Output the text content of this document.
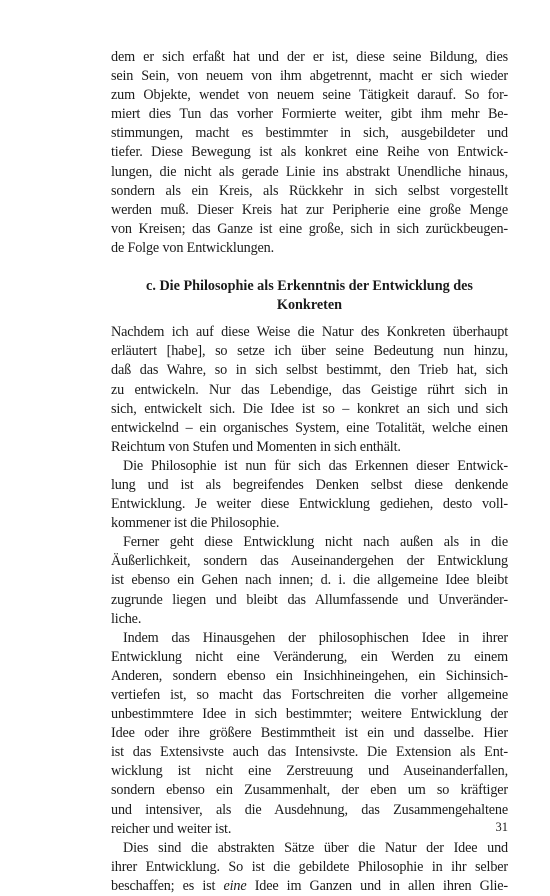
dem er sich erfaßt hat und der er ist, diese seine Bildung, dies
sein Sein, von neuem von ihm abgetrennt, macht er sich wieder
zum Objekte, wendet von neuem seine Tätigkeit darauf. So for-
miert dies Tun das vorher Formierte weiter, gibt ihm mehr Be-
stimmungen, macht es bestimmter in sich, ausgebildeter und
tiefer. Diese Bewegung ist als konkret eine Reihe von Entwick-
lungen, die nicht als gerade Linie ins abstrakt Unendliche hinaus,
sondern als ein Kreis, als Rückkehr in sich selbst vorgestellt
werden muß. Dieser Kreis hat zur Peripherie eine große Menge
von Kreisen; das Ganze ist eine große, sich in sich zurückbeugen-
de Folge von Entwicklungen.
c. Die Philosophie als Erkenntnis der Entwicklung des
Konkreten
Nachdem ich auf diese Weise die Natur des Konkreten überhaupt
erläutert [habe], so setze ich über seine Bedeutung nun hinzu,
daß das Wahre, so in sich selbst bestimmt, den Trieb hat, sich
zu entwickeln. Nur das Lebendige, das Geistige rührt sich in
sich, entwickelt sich. Die Idee ist so – konkret an sich und sich
entwickelnd – ein organisches System, eine Totalität, welche einen
Reichtum von Stufen und Momenten in sich enthält.
Die Philosophie ist nun für sich das Erkennen dieser Entwick-
lung und ist als begreifendes Denken selbst diese denkende
Entwicklung. Je weiter diese Entwicklung gediehen, desto voll-
kommener ist die Philosophie.
Ferner geht diese Entwicklung nicht nach außen als in die
Äußerlichkeit, sondern das Auseinandergehen der Entwicklung
ist ebenso ein Gehen nach innen; d. i. die allgemeine Idee bleibt
zugrunde liegen und bleibt das Allumfassende und Unveränder-
liche.
Indem das Hinausgehen der philosophischen Idee in ihrer
Entwicklung nicht eine Veränderung, ein Werden zu einem
Anderen, sondern ebenso ein Insichhineingehen, ein Sichinsich-
vertiefen ist, so macht das Fortschreiten die vorher allgemeine
unbestimmtere Idee in sich bestimmter; weitere Entwicklung der
Idee oder ihre größere Bestimmtheit ist ein und dasselbe. Hier
ist das Extensivste auch das Intensivste. Die Extension als Ent-
wicklung ist nicht eine Zerstreuung und Auseinanderfallen,
sondern ebenso ein Zusammenhalt, der eben um so kräftiger
und intensiver, als die Ausdehnung, das Zusammengehaltene
reicher und weiter ist.
Dies sind die abstrakten Sätze über die Natur der Idee und
ihrer Entwicklung. So ist die gebildete Philosophie in ihr selber
beschaffen; es ist eine Idee im Ganzen und in allen ihren Glie-
31
